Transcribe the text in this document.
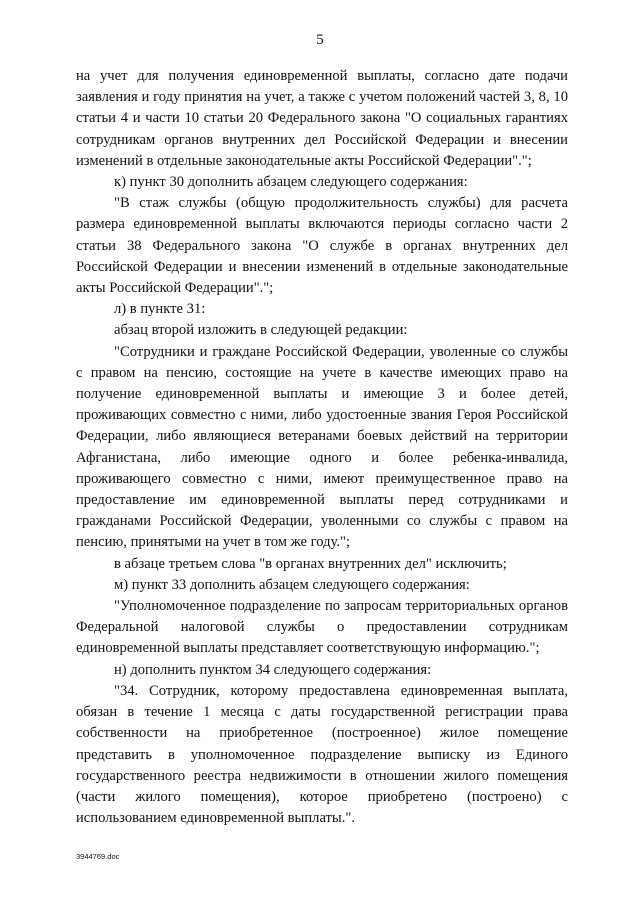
5

на учет для получения единовременной выплаты, согласно дате подачи заявления и году принятия на учет, а также с учетом положений частей 3, 8, 10 статьи 4 и части 10 статьи 20 Федерального закона "О социальных гарантиях сотрудникам органов внутренних дел Российской Федерации и внесении изменений в отдельные законодательные акты Российской Федерации".";

к) пункт 30 дополнить абзацем следующего содержания:

"В стаж службы (общую продолжительность службы) для расчета размера единовременной выплаты включаются периоды согласно части 2 статьи 38 Федерального закона "О службе в органах внутренних дел Российской Федерации и внесении изменений в отдельные законодательные акты Российской Федерации".";

л) в пункте 31:

абзац второй изложить в следующей редакции:

"Сотрудники и граждане Российской Федерации, уволенные со службы с правом на пенсию, состоящие на учете в качестве имеющих право на получение единовременной выплаты и имеющие 3 и более детей, проживающих совместно с ними, либо удостоенные звания Героя Российской Федерации, либо являющиеся ветеранами боевых действий на территории Афганистана, либо имеющие одного и более ребенка-инвалида, проживающего совместно с ними, имеют преимущественное право на предоставление им единовременной выплаты перед сотрудниками и гражданами Российской Федерации, уволенными со службы с правом на пенсию, принятыми на учет в том же году.";

в абзаце третьем слова "в органах внутренних дел" исключить;

м) пункт 33 дополнить абзацем следующего содержания:

"Уполномоченное подразделение по запросам территориальных органов Федеральной налоговой службы о предоставлении сотрудникам единовременной выплаты представляет соответствующую информацию.";

н) дополнить пунктом 34 следующего содержания:

"34. Сотрудник, которому предоставлена единовременная выплата, обязан в течение 1 месяца с даты государственной регистрации права собственности на приобретенное (построенное) жилое помещение представить в уполномоченное подразделение выписку из Единого государственного реестра недвижимости в отношении жилого помещения (части жилого помещения), которое приобретено (построено) с использованием единовременной выплаты.".

3944769.doc
